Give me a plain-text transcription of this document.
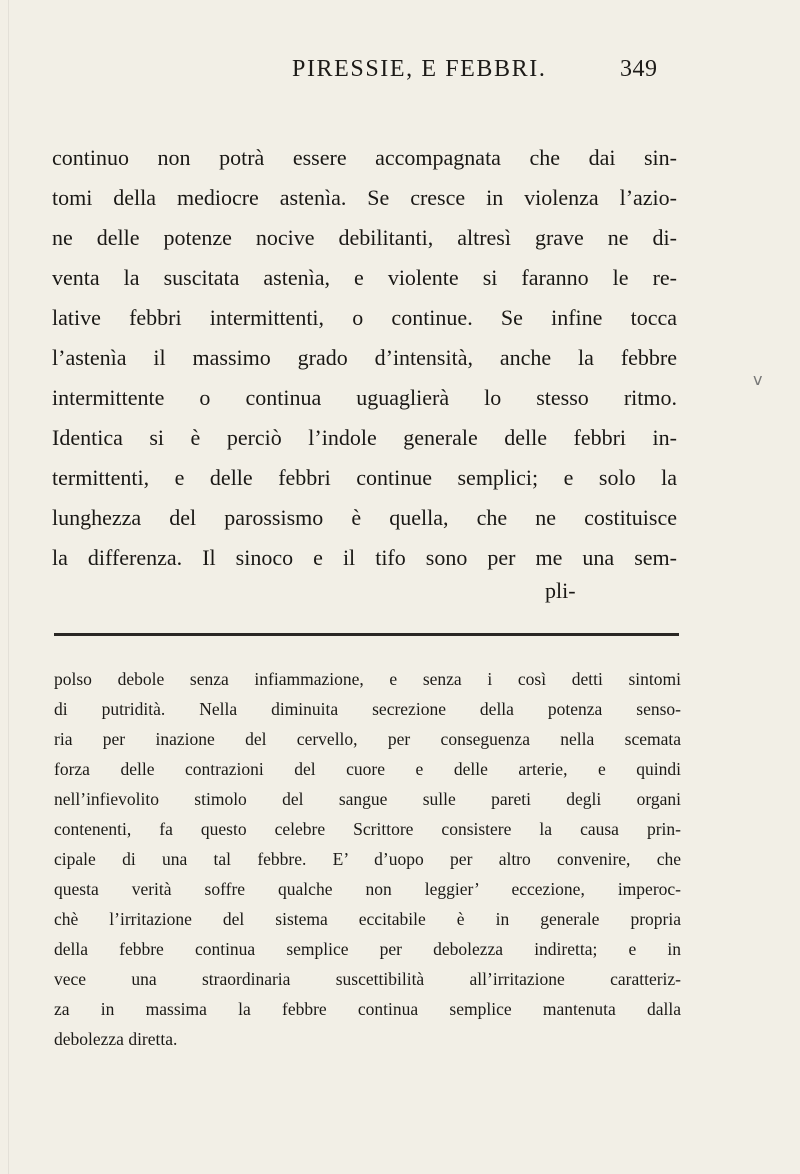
PIRESSIE, E FEBBRI.	349
continuo non potrà essere accompagnata che dai sin-
tomi della mediocre astenìa. Se cresce in violenza l’azio-
ne delle potenze nocive debilitanti, altresì grave ne di-
venta la suscitata astenìa, e violente si faranno le re-
lative febbri intermittenti, o continue. Se infine tocca
l’astenìa il massimo grado d’intensità, anche la febbre
intermittente o continua uguaglierà lo stesso ritmo.
Identica si è perciò l’indole generale delle febbri in-
termittenti, e delle febbri continue semplici; e solo la
lunghezza del parossismo è quella, che ne costituisce
la differenza. Il sinoco e il tifo sono per me una sem-
pli-
polso debole senza infiammazione, e senza i così detti sintomi
di putridità. Nella diminuita secrezione della potenza senso-
ria per inazione del cervello, per conseguenza nella scemata
forza delle contrazioni del cuore e delle arterie, e quindi
nell’infievolito stimolo del sangue sulle pareti degli organi
contenenti, fa questo celebre Scrittore consistere la causa prin-
cipale di una tal febbre. E’ d’uopo per altro convenire, che
questa verità soffre qualche non leggier’ eccezione, imperoc-
chè l’irritazione del sistema eccitabile è in generale propria
della febbre continua semplice per debolezza indiretta; e in
vece una straordinaria suscettibilità all’irritazione caratteriz-
za in massima la febbre continua semplice mantenuta dalla
debolezza diretta.
v
